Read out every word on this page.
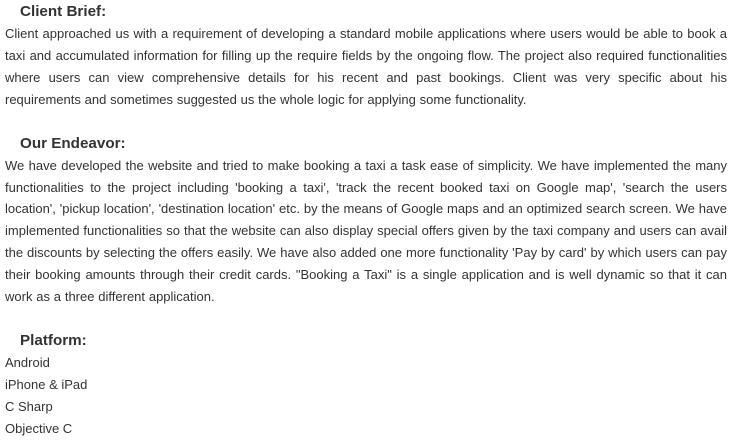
Client Brief:

Client approached us with a requirement of developing a standard mobile applications where users would be able to book a taxi and accumulated information for filling up the require fields by the ongoing flow. The project also required functionalities where users can view comprehensive details for his recent and past bookings. Client was very specific about his requirements and sometimes suggested us the whole logic for applying some functionality.

Our Endeavor:

We have developed the website and tried to make booking a taxi a task ease of simplicity. We have implemented the many functionalities to the project including 'booking a taxi', 'track the recent booked taxi on Google map', 'search the users location', 'pickup location', 'destination location' etc. by the means of Google maps and an optimized search screen. We have implemented functionalities so that the website can also display special offers given by the taxi company and users can avail the discounts by selecting the offers easily. We have also added one more functionality 'Pay by card' by which users can pay their booking amounts through their credit cards. "Booking a Taxi" is a single application and is well dynamic so that it can work as a three different application.

Platform:
Android
iPhone & iPad
C Sharp
Objective C
